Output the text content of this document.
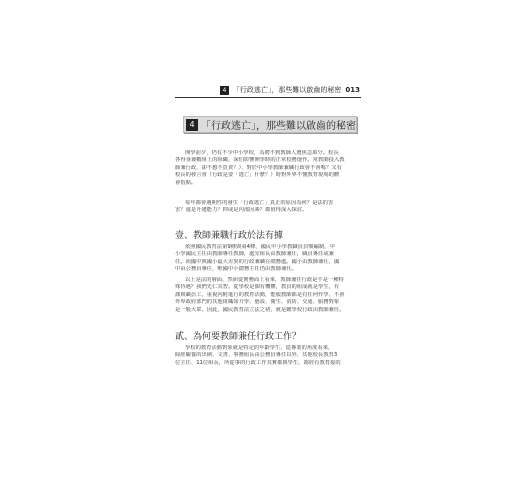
4 「行政逃亡」，那些難以啟齒的秘密 013
4 「行政逃亡」，那些難以啟齒的秘密
開學前夕，仍有不少中小學校，為聘不到教師人選焦急萬分。校長
各得身兼數組上的組織，深怕影響開學時的正常校務運作。常教師投入教
師兼行政，卻不想不負責？），對於中小學教師兼職行政會不會嗎？又有
校長的發言會（行政是要「逃亡」什麼？）時對外界不懂教育現場的體
會指點。
每年都會遇期性的發生「行政逃亡」真正的原因為何？是法的害
害？還是升遷能力？抑或是內部因素？都值得深入探討。
壹、教師兼職行政於法有據
依照國民教育法第9條與第4條，國民中小學教職員員額編制，中
小學國民主任由教師專任教師，處室組長由教師兼任，職員專任或兼
任。而國中與國小最大差異的行政兼職在總務處。國小由教師兼任，國
中由公務員專任，唯國中小總務主任仍由教師兼任。
以上是法的層面，然而從實務面上看來，教師兼任行政是不是一種特
殊待遇？我們先仁其智。從學校是個有機體，教員的組成就是學生，有
課與職員工，重視內附進行的教育活動，能服教師都是有任何作學，不會
外界政府部門的其他組織如升學、藝設、衛生、消防、交通、服務對象
是一般大眾。因此，國民教育法立法之初，就是鑑學校行政由教師兼任。
貳、為何要教師兼任行政工作？
學校的教育活動對象就是特定的年齡學生，從專業的角度看來，
除經驗養的出納、文書、事務組長由公務員專任以外，其他校長教育3
位主任、11位組長，所從事的行政工作其實都與學生，都經有教育接的
